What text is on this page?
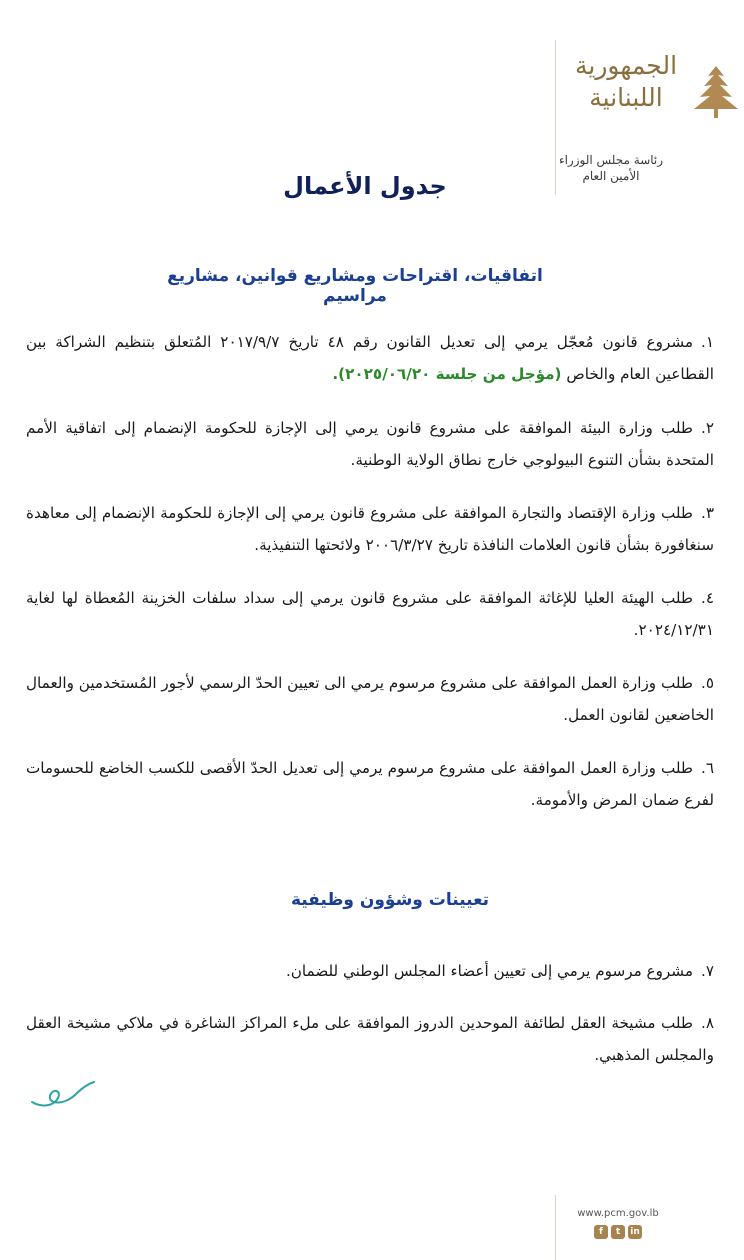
الجمهورية
اللبنانية
رئاسة مجلس الوزراء
الأمين العام
جدول الأعمال
اتفاقيات، اقتراحات ومشاريع قوانين، مشاريع مراسيم
١.مشروع قانون مُعجّل يرمي إلى تعديل القانون رقم ٤٨ تاريخ ٢٠١٧/٩/٧ المُتعلق بتنظيم الشراكة بين القطاعين العام والخاص (مؤجل من جلسة ٢٠٢٥/٠٦/٢٠).
٢.طلب وزارة البيئة الموافقة على مشروع قانون يرمي إلى الإجازة للحكومة الإنضمام إلى اتفاقية الأمم المتحدة بشأن التنوع البيولوجي خارج نطاق الولاية الوطنية.
٣.طلب وزارة الإقتصاد والتجارة الموافقة على مشروع قانون يرمي إلى الإجازة للحكومة الإنضمام إلى معاهدة سنغافورة بشأن قانون العلامات النافذة تاريخ ٢٠٠٦/٣/٢٧ ولائحتها التنفيذية.
٤.طلب الهيئة العليا للإغاثة الموافقة على مشروع قانون يرمي إلى سداد سلفات الخزينة المُعطاة لها لغاية ٢٠٢٤/١٢/٣١.
٥.طلب وزارة العمل الموافقة على مشروع مرسوم يرمي الى تعيين الحدّ الرسمي لأجور المُستخدمين والعمال الخاضعين لقانون العمل.
٦.طلب وزارة العمل الموافقة على مشروع مرسوم يرمي إلى تعديل الحدّ الأقصى للكسب الخاضع للحسومات لفرع ضمان المرض والأمومة.
تعيينات وشؤون وظيفية
٧.مشروع مرسوم يرمي إلى تعيين أعضاء المجلس الوطني للضمان.
٨.طلب مشيخة العقل لطائفة الموحدين الدروز الموافقة على ملء المراكز الشاغرة في ملاكي مشيخة العقل والمجلس المذهبي.
www.pcm.gov.lb
f	t	in
